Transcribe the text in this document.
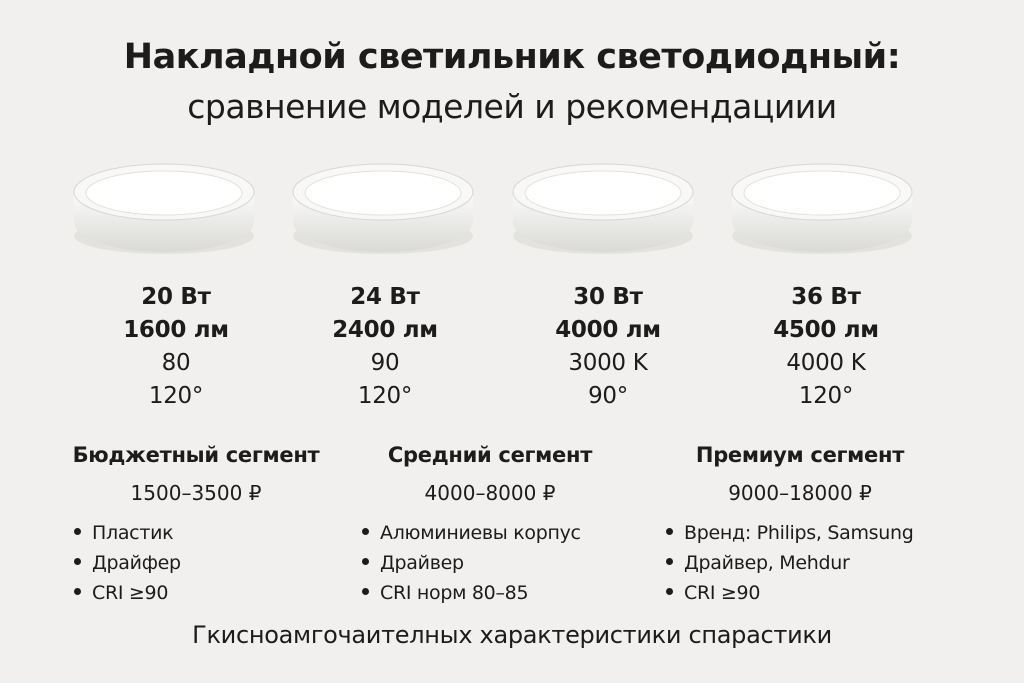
Накладной светильник светодиодный:
сравнение моделей и рекомендациии
20 Вт
1600 лм
80
120°
24 Вт
2400 лм
90
120°
30 Вт
4000 лм
3000 K
90°
36 Вт
4500 лм
4000 K
120°
Бюджетный сегмент
1500–3500 ₽
Пластик
Драйфер
CRI ≥90
Средний сегмент
4000–8000 ₽
Алюминиевы корпус
Драйвер
CRI норм 80–85
Премиум сегмент
9000–18000 ₽
Вренд: Philips, Samsung
Драйвер, Mehdur
CRI ≥90
Гкисноамгочаителных характеристики спарастики
